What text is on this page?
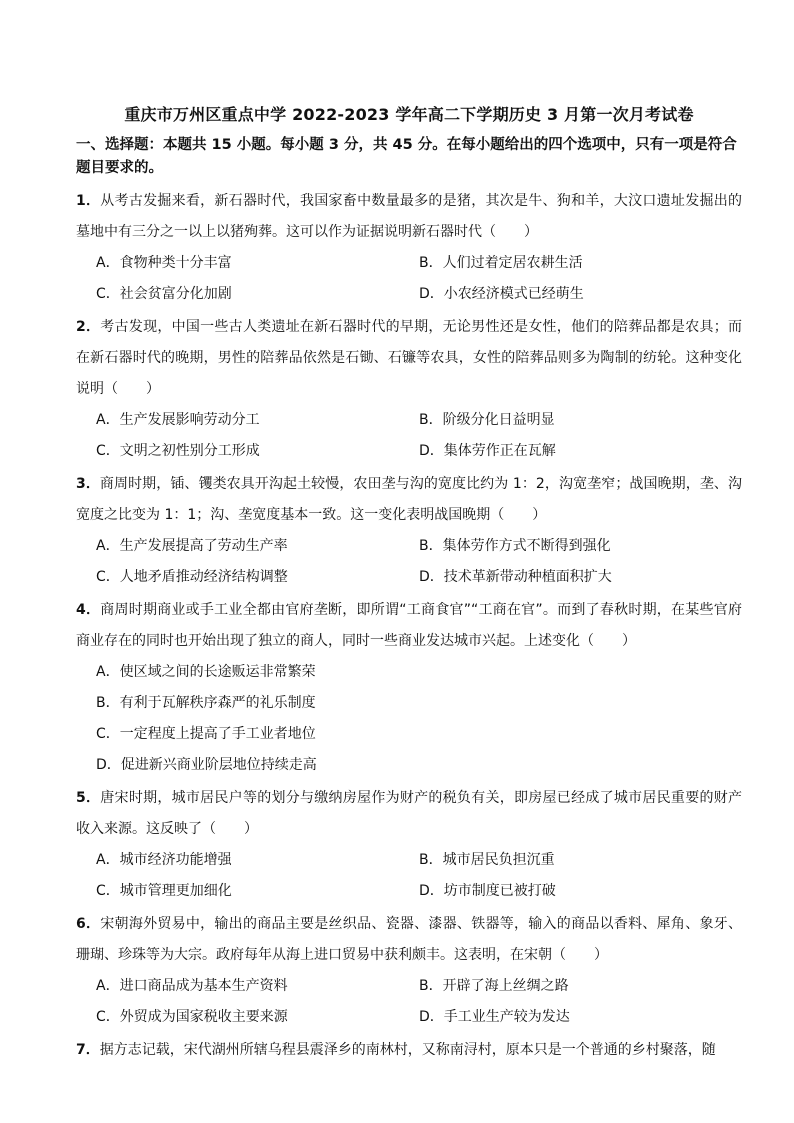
重庆市万州区重点中学 2022-2023 学年高二下学期历史 3 月第一次月考试卷

一、选择题：本题共 15 小题。每小题 3 分，共 45 分。在每小题给出的四个选项中，只有一项是符合题目要求的。

1．从考古发掘来看，新石器时代，我国家畜中数量最多的是猪，其次是牛、狗和羊，大汶口遗址发掘出的墓地中有三分之一以上以猪殉葬。这可以作为证据说明新石器时代（　　）

A．食物种类十分丰富	B．人们过着定居农耕生活
C．社会贫富分化加剧	D．小农经济模式已经萌生

2．考古发现，中国一些古人类遗址在新石器时代的早期，无论男性还是女性，他们的陪葬品都是农具；而在新石器时代的晚期，男性的陪葬品依然是石锄、石镰等农具，女性的陪葬品则多为陶制的纺轮。这种变化说明（　　）

A．生产发展影响劳动分工	B．阶级分化日益明显
C．文明之初性别分工形成	D．集体劳作正在瓦解

3．商周时期，锸、䦆类农具开沟起土较慢，农田垄与沟的宽度比约为 1：2，沟宽垄窄；战国晚期，垄、沟宽度之比变为 1：1；沟、垄宽度基本一致。这一变化表明战国晚期（　　）

A．生产发展提高了劳动生产率	B．集体劳作方式不断得到强化
C．人地矛盾推动经济结构调整	D．技术革新带动种植面积扩大

4．商周时期商业或手工业全都由官府垄断，即所谓“工商食官”“工商在官”。而到了春秋时期，在某些官府商业存在的同时也开始出现了独立的商人，同时一些商业发达城市兴起。上述变化（　　）

A．使区域之间的长途贩运非常繁荣
B．有利于瓦解秩序森严的礼乐制度
C．一定程度上提高了手工业者地位
D．促进新兴商业阶层地位持续走高

5．唐宋时期，城市居民户等的划分与缴纳房屋作为财产的税负有关，即房屋已经成了城市居民重要的财产收入来源。这反映了（　　）

A．城市经济功能增强	B．城市居民负担沉重
C．城市管理更加细化	D．坊市制度已被打破

6．宋朝海外贸易中，输出的商品主要是丝织品、瓷器、漆器、铁器等，输入的商品以香料、犀角、象牙、珊瑚、珍珠等为大宗。政府每年从海上进口贸易中获利颇丰。这表明，在宋朝（　　）

A．进口商品成为基本生产资料	B．开辟了海上丝绸之路
C．外贸成为国家税收主要来源	D．手工业生产较为发达

7．据方志记载，宋代湖州所辖乌程县震泽乡的南林村，又称南浔村，原本只是一个普通的乡村聚落，随
